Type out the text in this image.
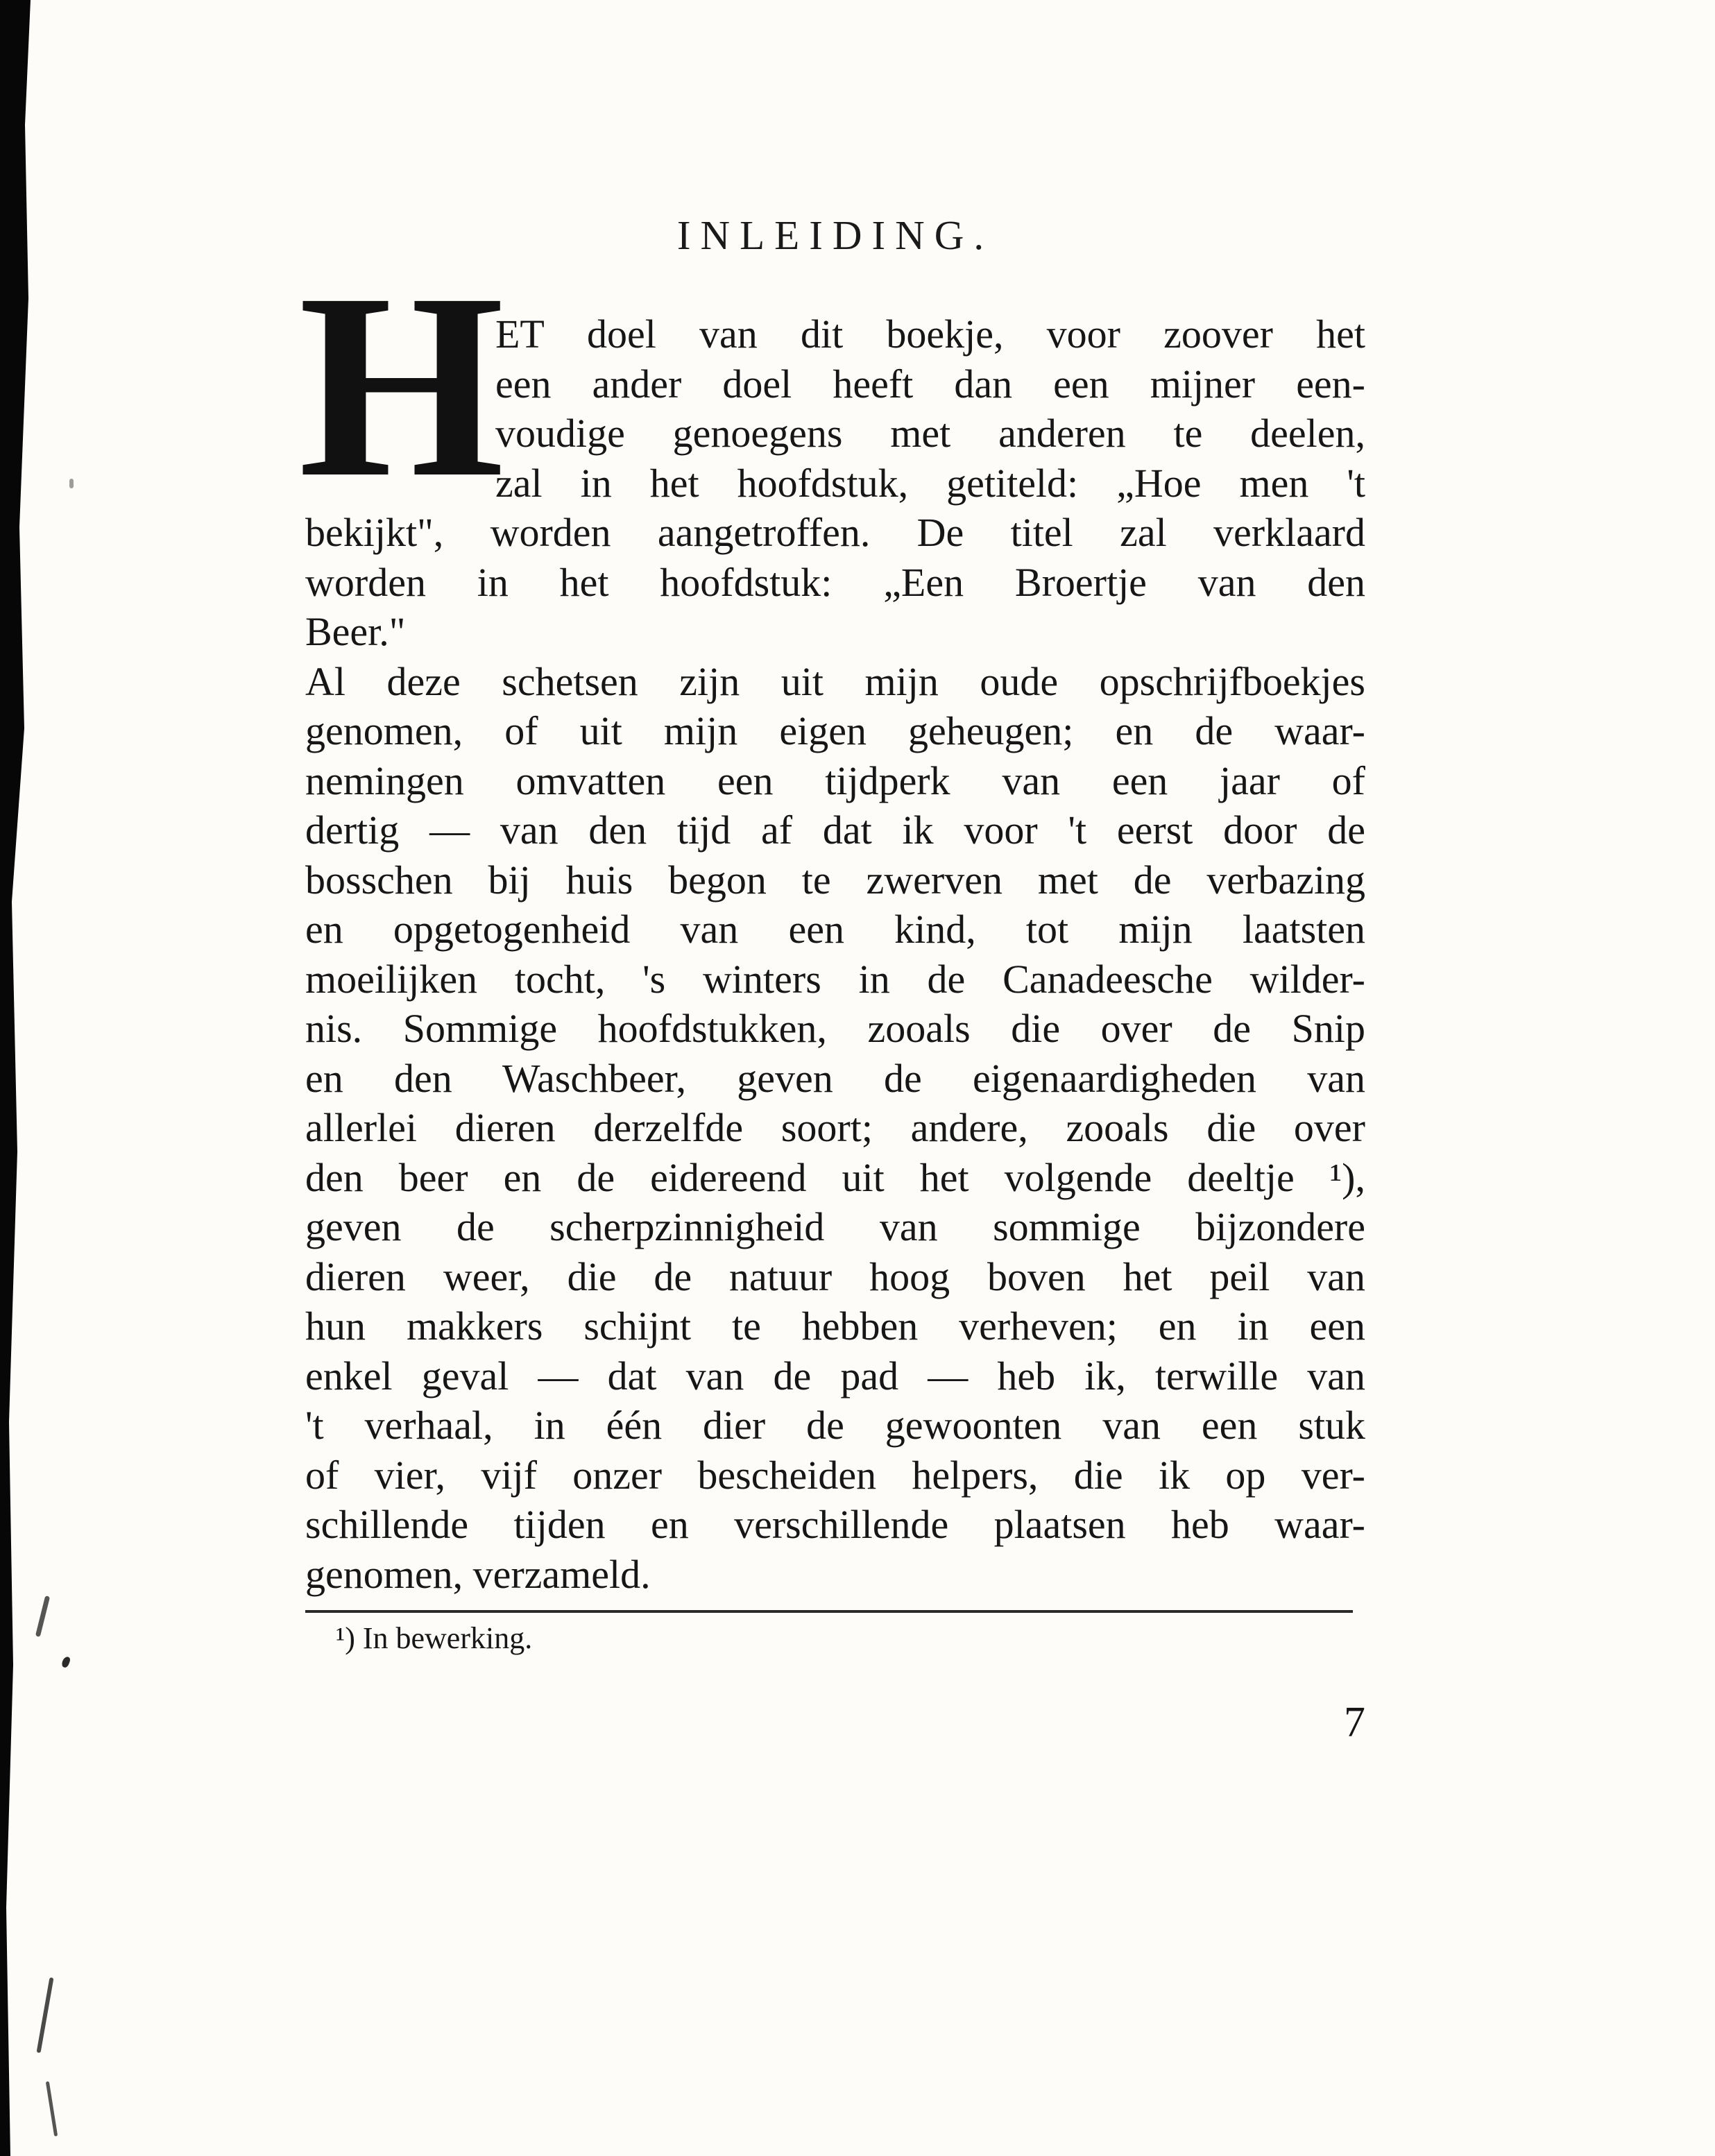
INLEIDING.
H
ET doel van dit boekje, voor zoover het
een ander doel heeft dan een mijner een-
voudige genoegens met anderen te deelen,
zal in het hoofdstuk, getiteld: „Hoe men 't
bekijkt", worden aangetroffen. De titel zal verklaard
worden in het hoofdstuk: „Een Broertje van den
Beer."
Al deze schetsen zijn uit mijn oude opschrijfboekjes
genomen, of uit mijn eigen geheugen; en de waar-
nemingen omvatten een tijdperk van een jaar of
dertig — van den tijd af dat ik voor 't eerst door de
bosschen bij huis begon te zwerven met de verbazing
en opgetogenheid van een kind, tot mijn laatsten
moeilijken tocht, 's winters in de Canadeesche wilder-
nis. Sommige hoofdstukken, zooals die over de Snip
en den Waschbeer, geven de eigenaardigheden van
allerlei dieren derzelfde soort; andere, zooals die over
den beer en de eidereend uit het volgende deeltje ¹),
geven de scherpzinnigheid van sommige bijzondere
dieren weer, die de natuur hoog boven het peil van
hun makkers schijnt te hebben verheven; en in een
enkel geval — dat van de pad — heb ik, terwille van
't verhaal, in één dier de gewoonten van een stuk
of vier, vijf onzer bescheiden helpers, die ik op ver-
schillende tijden en verschillende plaatsen heb waar-
genomen, verzameld.
¹) In bewerking.
7
